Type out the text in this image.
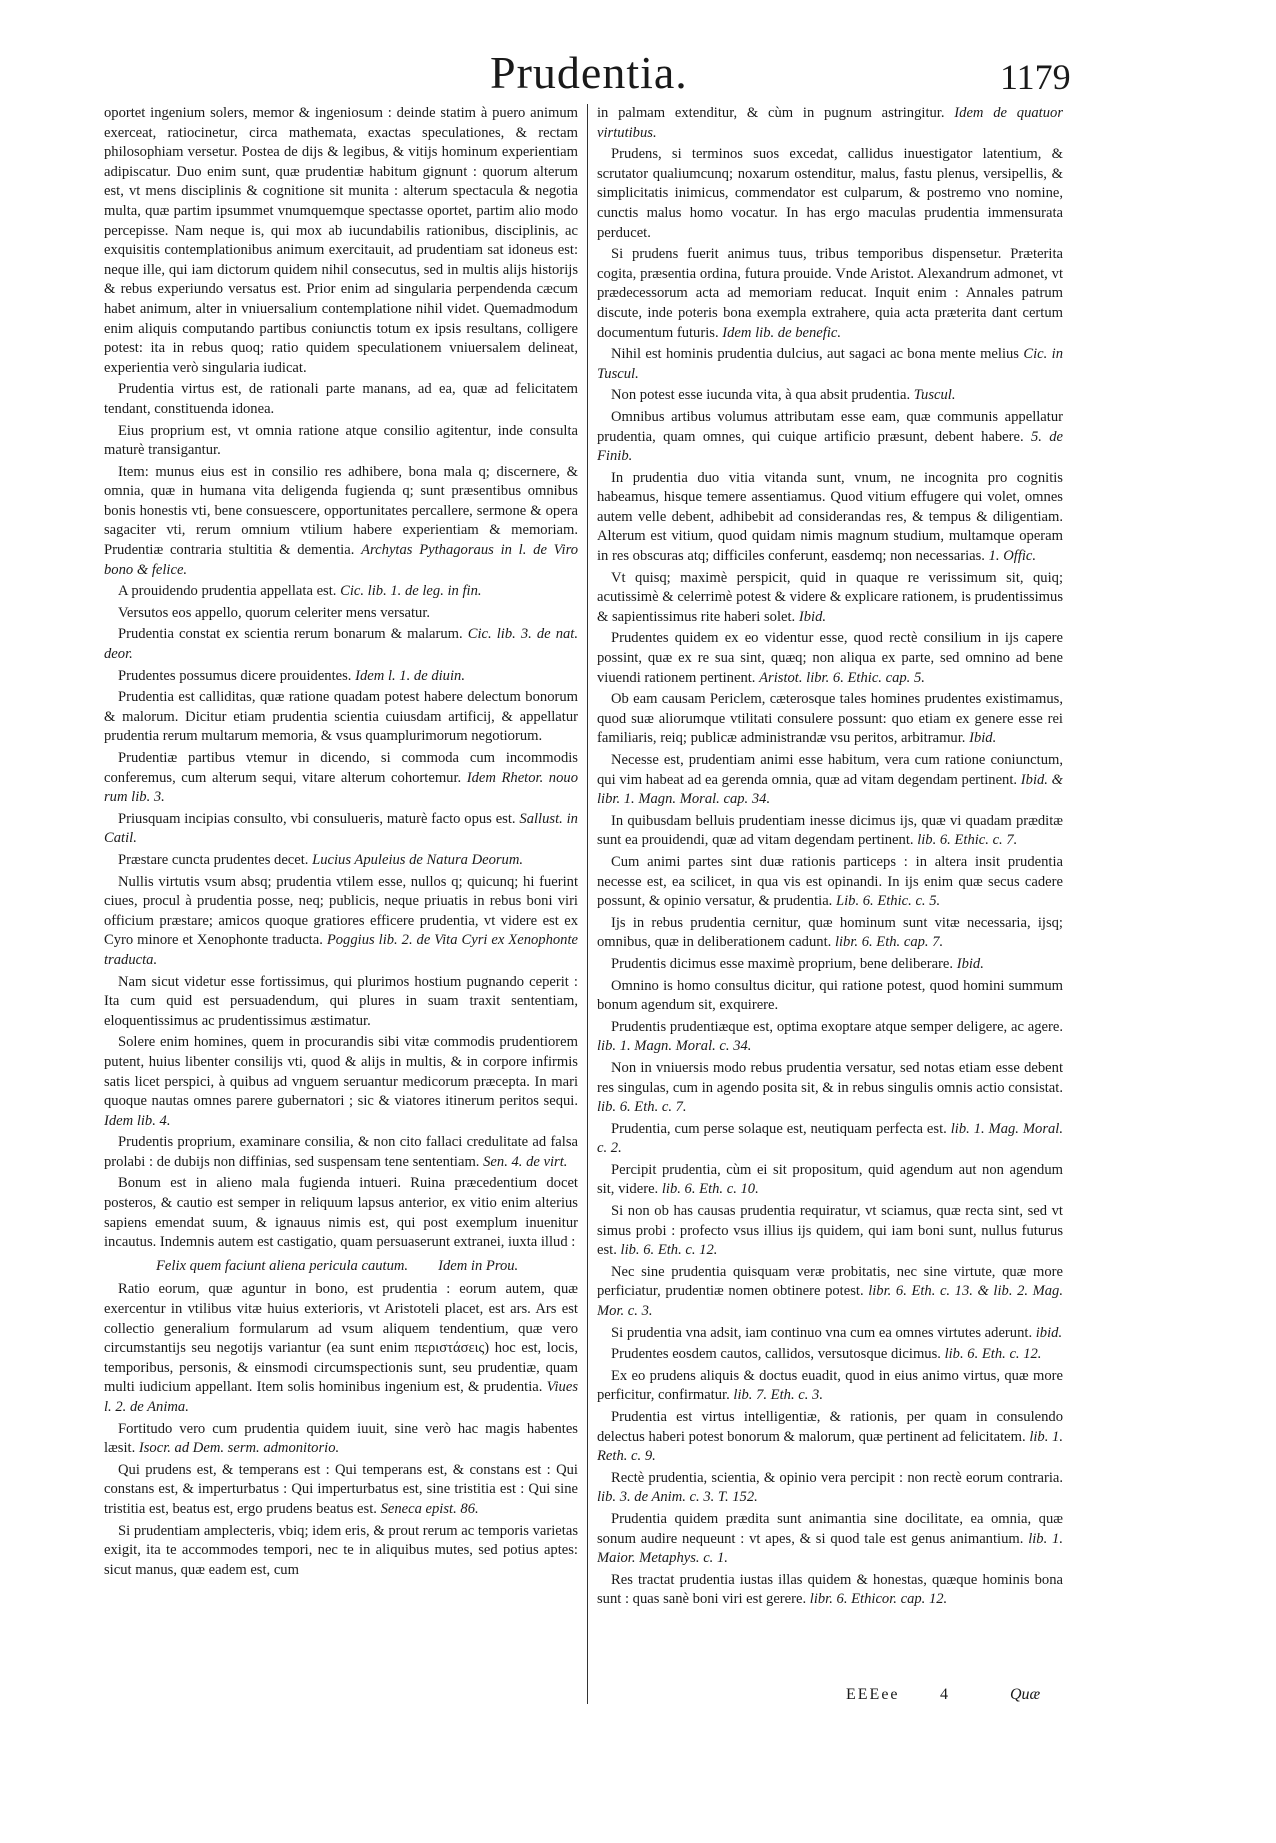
Prudentia.	1179

oportet ingenium solers, memor & ingeniosum : deinde statim à puero animum exerceat, ratiocinetur, circa mathemata, exactas speculationes, & rectam philosophiam versetur. Postea de dijs & legibus, & vitijs hominum experientiam adipiscatur. Duo enim sunt, quæ prudentiæ habitum gignunt : quorum alterum est, vt mens disciplinis & cognitione sit munita : alterum spectacula & negotia multa, quæ partim ipsummet vnumquemque spectasse oportet, partim alio modo percepisse. Nam neque is, qui mox ab iucundabilis rationibus, disciplinis, ac exquisitis contemplationibus animum exercitauit, ad prudentiam sat idoneus est: neque ille, qui iam dictorum quidem nihil consecutus, sed in multis alijs historijs & rebus experiundo versatus est. Prior enim ad singularia perpendenda cæcum habet animum, alter in vniuersalium contemplatione nihil videt. Quemadmodum enim aliquis computando partibus coniunctis totum ex ipsis resultans, colligere potest: ita in rebus quoq; ratio quidem speculationem vniuersalem delineat, experientia verò singularia iudicat.

Prudentia virtus est, de rationali parte manans, ad ea, quæ ad felicitatem tendant, constituenda idonea.

Eius proprium est, vt omnia ratione atque consilio agitentur, inde consulta maturè transigantur.

Item: munus eius est in consilio res adhibere, bona mala q; discernere, & omnia, quæ in humana vita deligenda fugienda q; sunt præsentibus omnibus bonis honestis vti, bene consuescere, opportunitates percallere, sermone & opera sagaciter vti, rerum omnium vtilium habere experientiam & memoriam. Prudentiæ contraria stultitia & dementia. Archytas Pythagoraus in l. de Viro bono & felice.

A prouidendo prudentia appellata est. Cic. lib. 1. de leg. in fin.

Versutos eos appello, quorum celeriter mens versatur.

Prudentia constat ex scientia rerum bonarum & malarum. Cic. lib. 3. de nat. deor.

Prudentes possumus dicere prouidentes. Idem l. 1. de diuin.

Prudentia est calliditas, quæ ratione quadam potest habere delectum bonorum & malorum. Dicitur etiam prudentia scientia cuiusdam artificij, & appellatur prudentia rerum multarum memoria, & vsus quamplurimorum negotiorum.

Prudentiæ partibus vtemur in dicendo, si commoda cum incommodis conferemus, cum alterum sequi, vitare alterum cohortemur. Idem Rhetor. nouo rum lib. 3.

Priusquam incipias consulto, vbi consulueris, maturè facto opus est. Sallust. in Catil.

Præstare cuncta prudentes decet. Lucius Apuleius de Natura Deorum.

Nullis virtutis vsum absq; prudentia vtilem esse, nullos q; quicunq; hi fuerint ciues, procul à prudentia posse, neq; publicis, neque priuatis in rebus boni viri officium præstare; amicos quoque gratiores efficere prudentia, vt videre est ex Cyro minore et Xenophonte traducta. Poggius lib. 2. de Vita Cyri ex Xenophonte traducta.

Nam sicut videtur esse fortissimus, qui plurimos hostium pugnando ceperit : Ita cum quid est persuadendum, qui plures in suam traxit sententiam, eloquentissimus ac prudentissimus æstimatur.

Solere enim homines, quem in procurandis sibi vitæ commodis prudentiorem putent, huius libenter consilijs vti, quod & alijs in multis, & in corpore infirmis satis licet perspici, à quibus ad vnguem seruantur medicorum præcepta. In mari quoque nautas omnes parere gubernatori ; sic & viatores itinerum peritos sequi. Idem lib. 4.

Prudentis proprium, examinare consilia, & non cito fallaci credulitate ad falsa prolabi : de dubijs non diffinias, sed suspensam tene sententiam. Sen. 4. de virt.

Bonum est in alieno mala fugienda intueri. Ruina præcedentium docet posteros, & cautio est semper in reliquum lapsus anterior, ex vitio enim alterius sapiens emendat suum, & ignauus nimis est, qui post exemplum inuenitur incautus. Indemnis autem est castigatio, quam persuaserunt extranei, iuxta illud :

Felix quem faciunt aliena pericula cautum. Idem in Prou.

Ratio eorum, quæ aguntur in bono, est prudentia : eorum autem, quæ exercentur in vtilibus vitæ huius exterioris, vt Aristoteli placet, est ars. Ars est collectio generalium formularum ad vsum aliquem tendentium, quæ vero circumstantijs seu negotijs variantur (ea sunt enim περιστάσεις) hoc est, locis, temporibus, personis, & einsmodi circumspectionis sunt, seu prudentiæ, quam multi iudicium appellant. Item solis hominibus ingenium est, & prudentia. Viues l. 2. de Anima.

Fortitudo vero cum prudentia quidem iuuit, sine verò hac magis habentes læsit. Isocr. ad Dem. serm. admonitorio.

Qui prudens est, & temperans est : Qui temperans est, & constans est : Qui constans est, & imperturbatus : Qui imperturbatus est, sine tristitia est : Qui sine tristitia est, beatus est, ergo prudens beatus est. Seneca epist. 86.

Si prudentiam amplecteris, vbiq; idem eris, & prout rerum ac temporis varietas exigit, ita te accommodes tempori, nec te in aliquibus mutes, sed potius aptes: sicut manus, quæ eadem est, cum

in palmam extenditur, & cùm in pugnum astringitur. Idem de quatuor virtutibus.

Prudens, si terminos suos excedat, callidus inuestigator latentium, & scrutator qualiumcunq; noxarum ostenditur, malus, fastu plenus, versipellis, & simplicitatis inimicus, commendator est culparum, & postremo vno nomine, cunctis malus homo vocatur. In has ergo maculas prudentia immensurata perducet.

Si prudens fuerit animus tuus, tribus temporibus dispensetur. Præterita cogita, præsentia ordina, futura prouide. Vnde Aristot. Alexandrum admonet, vt prædecessorum acta ad memoriam reducat. Inquit enim : Annales patrum discute, inde poteris bona exempla extrahere, quia acta præterita dant certum documentum futuris. Idem lib. de benefic.

Nihil est hominis prudentia dulcius, aut sagaci ac bona mente melius Cic. in Tuscul.

Non potest esse iucunda vita, à qua absit prudentia. Tuscul.

Omnibus artibus volumus attributam esse eam, quæ communis appellatur prudentia, quam omnes, qui cuique artificio præsunt, debent habere. 5. de Finib.

In prudentia duo vitia vitanda sunt, vnum, ne incognita pro cognitis habeamus, hisque temere assentiamus. Quod vitium effugere qui volet, omnes autem velle debent, adhibebit ad considerandas res, & tempus & diligentiam. Alterum est vitium, quod quidam nimis magnum studium, multamque operam in res obscuras atq; difficiles conferunt, easdemq; non necessarias. 1. Offic.

Vt quisq; maximè perspicit, quid in quaque re verissimum sit, quiq; acutissimè & celerrimè potest & videre & explicare rationem, is prudentissimus & sapientissimus rite haberi solet. Ibid.

Prudentes quidem ex eo videntur esse, quod rectè consilium in ijs capere possint, quæ ex re sua sint, quæq; non aliqua ex parte, sed omnino ad bene viuendi rationem pertinent. Aristot. libr. 6. Ethic. cap. 5.

Ob eam causam Periclem, cæterosque tales homines prudentes existimamus, quod suæ aliorumque vtilitati consulere possunt: quo etiam ex genere esse rei familiaris, reiq; publicæ administrandæ vsu peritos, arbitramur. Ibid.

Necesse est, prudentiam animi esse habitum, vera cum ratione coniunctum, qui vim habeat ad ea gerenda omnia, quæ ad vitam degendam pertinent. Ibid. & libr. 1. Magn. Moral. cap. 34.

In quibusdam belluis prudentiam inesse dicimus ijs, quæ vi quadam præditæ sunt ea prouidendi, quæ ad vitam degendam pertinent. lib. 6. Ethic. c. 7.

Cum animi partes sint duæ rationis particeps : in altera insit prudentia necesse est, ea scilicet, in qua vis est opinandi. In ijs enim quæ secus cadere possunt, & opinio versatur, & prudentia. Lib. 6. Ethic. c. 5.

Ijs in rebus prudentia cernitur, quæ hominum sunt vitæ necessaria, ijsq; omnibus, quæ in deliberationem cadunt. libr. 6. Eth. cap. 7.

Prudentis dicimus esse maximè proprium, bene deliberare. Ibid.

Omnino is homo consultus dicitur, qui ratione potest, quod homini summum bonum agendum sit, exquirere.

Prudentis prudentiæque est, optima exoptare atque semper deligere, ac agere. lib. 1. Magn. Moral. c. 34.

Non in vniuersis modo rebus prudentia versatur, sed notas etiam esse debent res singulas, cum in agendo posita sit, & in rebus singulis omnis actio consistat. lib. 6. Eth. c. 7.

Prudentia, cum perse solaque est, neutiquam perfecta est. lib. 1. Mag. Moral. c. 2.

Percipit prudentia, cùm ei sit propositum, quid agendum aut non agendum sit, videre. lib. 6. Eth. c. 10.

Si non ob has causas prudentia requiratur, vt sciamus, quæ recta sint, sed vt simus probi : profecto vsus illius ijs quidem, qui iam boni sunt, nullus futurus est. lib. 6. Eth. c. 12.

Nec sine prudentia quisquam veræ probitatis, nec sine virtute, quæ more perficiatur, prudentiæ nomen obtinere potest. libr. 6. Eth. c. 13. & lib. 2. Mag. Mor. c. 3.

Si prudentia vna adsit, iam continuo vna cum ea omnes virtutes aderunt. ibid.

Prudentes eosdem cautos, callidos, versutosque dicimus. lib. 6. Eth. c. 12.

Ex eo prudens aliquis & doctus euadit, quod in eius animo virtus, quæ more perficitur, confirmatur. lib. 7. Eth. c. 3.

Prudentia est virtus intelligentiæ, & rationis, per quam in consulendo delectus haberi potest bonorum & malorum, quæ pertinent ad felicitatem. lib. 1. Reth. c. 9.

Rectè prudentia, scientia, & opinio vera percipit : non rectè eorum contraria. lib. 3. de Anim. c. 3. T. 152.

Prudentia quidem prædita sunt animantia sine docilitate, ea omnia, quæ sonum audire nequeunt : vt apes, & si quod tale est genus animantium. lib. 1. Maior. Metaphys. c. 1.

Res tractat prudentia iustas illas quidem & honestas, quæque hominis bona sunt : quas sanè boni viri est gerere. libr. 6. Ethicor. cap. 12.

EEEee	4	Quæ
